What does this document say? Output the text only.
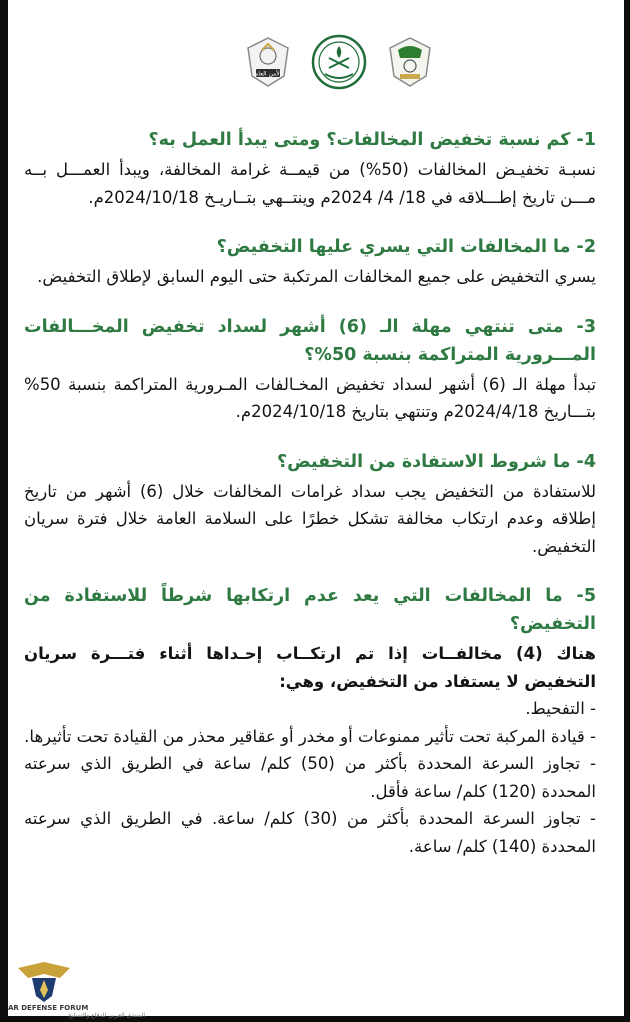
الأمن العام

1- كم نسبة تخفيض المخالفات؟ ومتى يبدأ العمل به؟

نسبـة تخفيـض المخالفات (50%) من قيمــة غرامة المخالفة، ويبدأ العمـــل بــه مـــن تاريخ إطـــلاقه في 18/ 4/ 2024م وينتــهي بتــاريـخ 2024/10/18م.

2- ما المخالفات التي يسري عليها التخفيض؟

يسري التخفيض على جميع المخالفات المرتكبة حتى اليوم السابق لإطلاق التخفيض.

3- متى تنتهي مهلة الـ (6) أشهر لسداد تخفيض المخـــالفات المـــرورية المتراكمة بنسبة 50%؟

تبدأ مهلة الـ (6) أشهر لسداد تخفيض المخـالفات المـرورية المتراكمة بنسبة 50% بتـــاريخ 2024/4/18م وتنتهي بتاريخ 2024/10/18م.

4- ما شروط الاستفادة من التخفيض؟

للاستفادة من التخفيض يجب سداد غرامات المخالفات خلال (6) أشهر من تاريخ إطلاقه وعدم ارتكاب مخالفة تشكل خطرًا على السلامة العامة خلال فترة سريان التخفيض.

5- ما المخالفات التي يعد عدم ارتكابها شرطاً للاستفادة من التخفيض؟

هناك (4) مخالفــات إذا تم ارتكــاب إحـداها أثناء فتـــرة سريان التخفيض لا يستفاد من التخفيض، وهي:

- التفحيط.
- قيادة المركبة تحت تأثير ممنوعات أو مخدر أو عقاقير محذر من القيادة تحت تأثيرها.
- تجاوز السرعة المحددة بأكثر من (50) كلم/ ساعة في الطريق الذي سرعته المحددة (120) كلم/ ساعة فأقل.
- تجاوز السرعة المحددة بأكثر من (30) كلم/ ساعة. في الطريق الذي سرعته المحددة (140) كلم/ ساعة.
AR DEFENSE FORUM
المنتدى العربي للدفاع والتسليح
